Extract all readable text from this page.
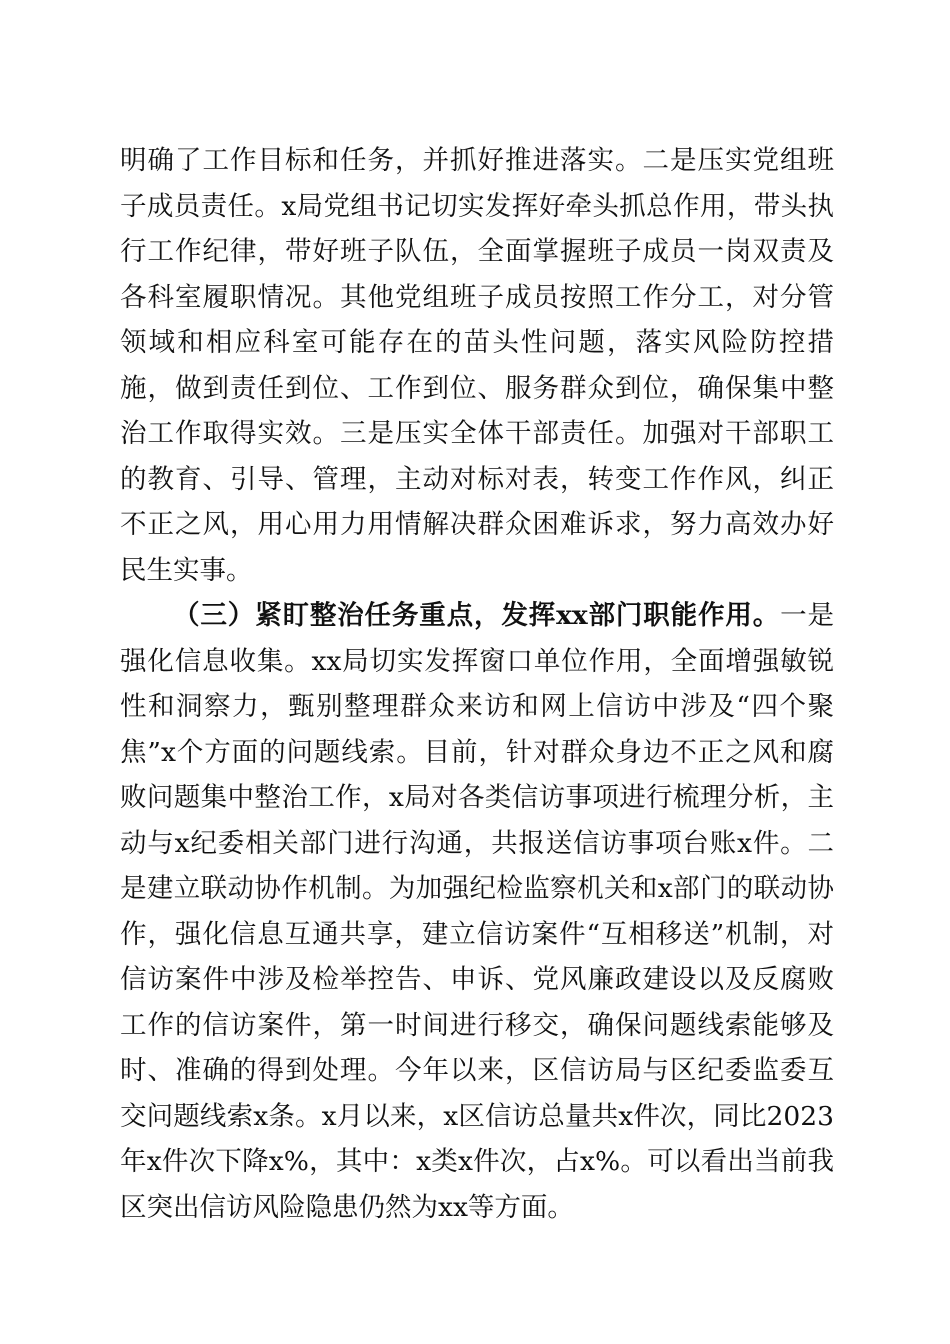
明确了工作目标和任务，并抓好推进落实。二是压实党组班子成员责任。x局党组书记切实发挥好牵头抓总作用，带头执行工作纪律，带好班子队伍，全面掌握班子成员一岗双责及各科室履职情况。其他党组班子成员按照工作分工，对分管领域和相应科室可能存在的苗头性问题，落实风险防控措施，做到责任到位、工作到位、服务群众到位，确保集中整治工作取得实效。三是压实全体干部责任。加强对干部职工的教育、引导、管理，主动对标对表，转变工作作风，纠正不正之风，用心用力用情解决群众困难诉求，努力高效办好民生实事。

（三）紧盯整治任务重点，发挥xx部门职能作用。一是强化信息收集。xx局切实发挥窗口单位作用，全面增强敏锐性和洞察力，甄别整理群众来访和网上信访中涉及“四个聚焦”x个方面的问题线索。目前，针对群众身边不正之风和腐败问题集中整治工作，x局对各类信访事项进行梳理分析，主动与x纪委相关部门进行沟通，共报送信访事项台账x件。二是建立联动协作机制。为加强纪检监察机关和x部门的联动协作，强化信息互通共享，建立信访案件“互相移送”机制，对信访案件中涉及检举控告、申诉、党风廉政建设以及反腐败工作的信访案件，第一时间进行移交，确保问题线索能够及时、准确的得到处理。今年以来，区信访局与区纪委监委互交问题线索x条。x月以来，x区信访总量共x件次，同比2023年x件次下降x%，其中：x类x件次，占x%。可以看出当前我区突出信访风险隐患仍然为xx等方面。
